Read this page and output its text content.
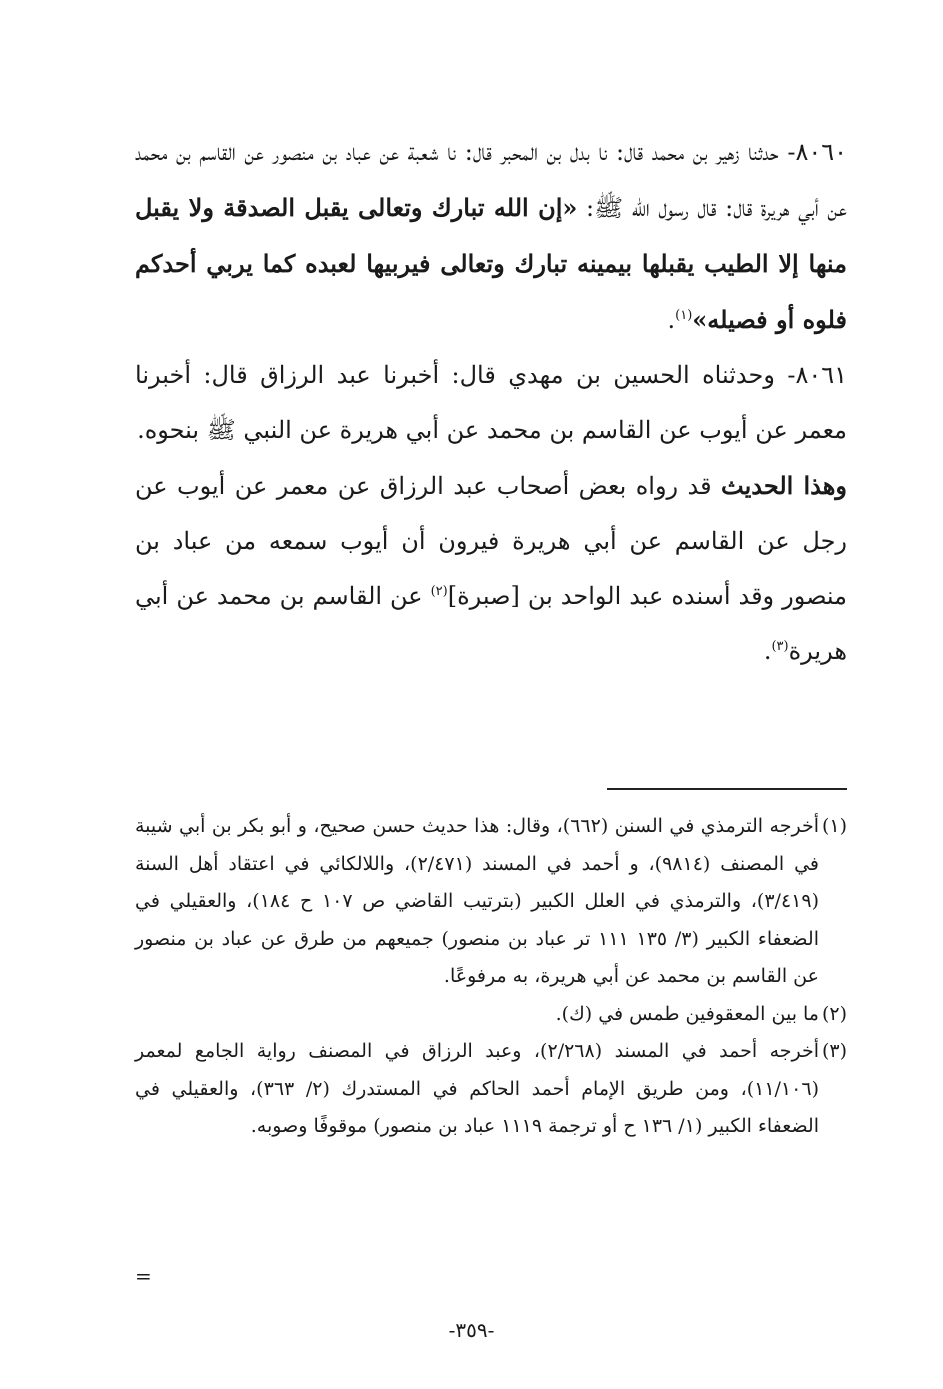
٨٠٦٠- حدثنا زهير بن محمد قال: نا بدل بن المحبر قال: نا شعبة عن عباد بن منصور عن القاسم بن محمد عن أبي هريرة قال: قال رسول الله ﷺ: «إن الله تبارك وتعالى يقبل الصدقة ولا يقبل منها إلا الطيب يقبلها بيمينه تبارك وتعالى فيربيها لعبده كما يربي أحدكم فلوه أو فصيله»$^{(١)}$.

٨٠٦١- وحدثناه الحسين بن مهدي قال: أخبرنا عبد الرزاق قال: أخبرنا معمر عن أيوب عن القاسم بن محمد عن أبي هريرة عن النبي ﷺ بنحوه.

وهذا الحديث قد رواه بعض أصحاب عبد الرزاق عن معمر عن أيوب عن رجل عن القاسم عن أبي هريرة فيرون أن أيوب سمعه من عباد بن منصور وقد أسنده عبد الواحد بن [صبرة]$^{(٢)}$ عن القاسم بن محمد عن أبي هريرة$^{(٣)}$.

(١)أخرجه الترمذي في السنن (٦٦٢)، وقال: هذا حديث حسن صحيح، و أبو بكر بن أبي شيبة في المصنف (٩٨١٤)، و أحمد في المسند (٢/٤٧١)، واللالكائي في اعتقاد أهل السنة (٣/٤١٩)، والترمذي في العلل الكبير (بترتيب القاضي ص ١٠٧ ح ١٨٤)، والعقيلي في الضعفاء الكبير (٣/ ١٣٥ ١١١ تر عباد بن منصور) جميعهم من طرق عن عباد بن منصور عن القاسم بن محمد عن أبي هريرة، به مرفوعًا.

(٢)ما بين المعقوفين طمس في (ك).

(٣)أخرجه أحمد في المسند (٢/٢٦٨)، وعبد الرزاق في المصنف رواية الجامع لمعمر (١١/١٠٦)، ومن طريق الإمام أحمد الحاكم في المستدرك (٢/ ٣٦٣)، والعقيلي في الضعفاء الكبير (١/ ١٣٦ ح أو ترجمة ١١١٩ عباد بن منصور) موقوفًا وصوبه.

=
-٣٥٩-
